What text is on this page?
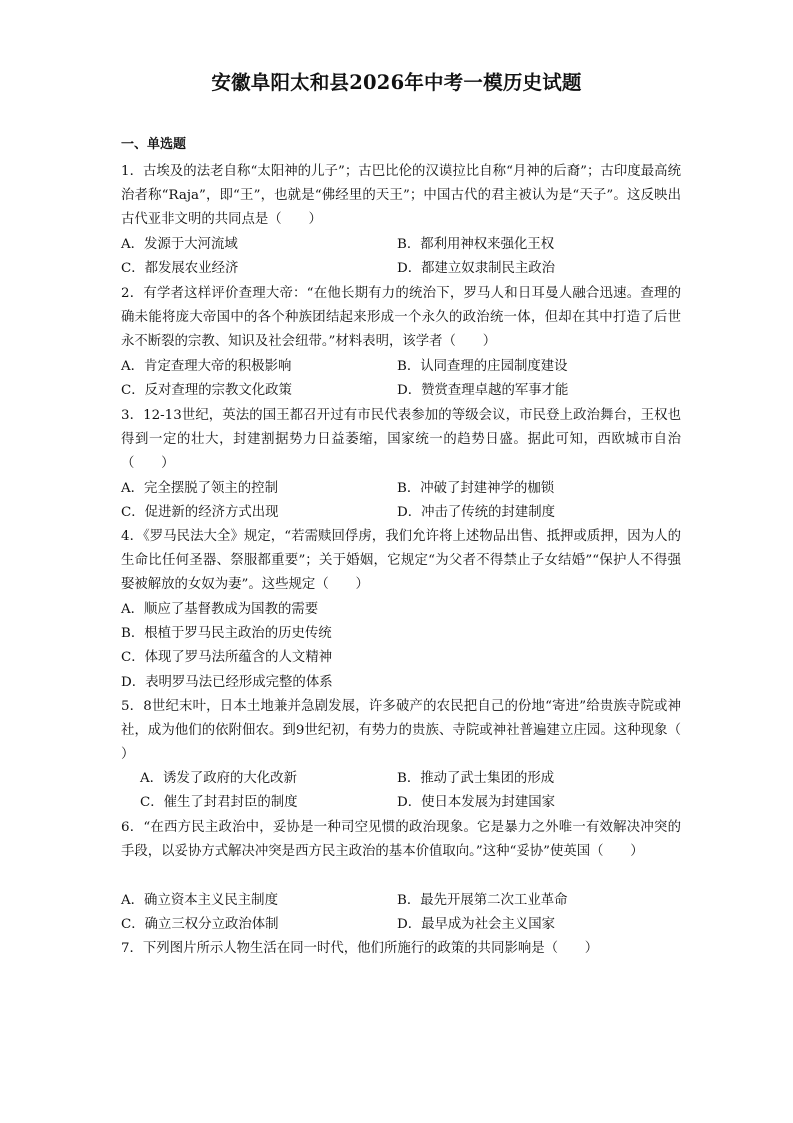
安徽阜阳太和县2026年中考一模历史试题
一、单选题
1．古埃及的法老自称“太阳神的儿子”；古巴比伦的汉谟拉比自称“月神的后裔”；古印度最高统治者称“Raja”，即“王”，也就是“佛经里的天王”；中国古代的君主被认为是“天子”。这反映出古代亚非文明的共同点是（　　）
A．发源于大河流域	B．都利用神权来强化王权
C．都发展农业经济	D．都建立奴隶制民主政治
2．有学者这样评价查理大帝：“在他长期有力的统治下，罗马人和日耳曼人融合迅速。查理的确未能将庞大帝国中的各个种族团结起来形成一个永久的政治统一体，但却在其中打造了后世永不断裂的宗教、知识及社会纽带。”材料表明，该学者（　　）
A．肯定查理大帝的积极影响	B．认同查理的庄园制度建设
C．反对查理的宗教文化政策	D．赞赏查理卓越的军事才能
3．12-13世纪，英法的国王都召开过有市民代表参加的等级会议，市民登上政治舞台，王权也得到一定的壮大，封建割据势力日益萎缩，国家统一的趋势日盛。据此可知，西欧城市自治（　　）
A．完全摆脱了领主的控制	B．冲破了封建神学的枷锁
C．促进新的经济方式出现	D．冲击了传统的封建制度
4．《罗马民法大全》规定，“若需赎回俘虏，我们允许将上述物品出售、抵押或质押，因为人的生命比任何圣器、祭服都重要”；关于婚姻，它规定“为父者不得禁止子女结婚”“保护人不得强娶被解放的女奴为妻”。这些规定（　　）
A．顺应了基督教成为国教的需要
B．根植于罗马民主政治的历史传统
C．体现了罗马法所蕴含的人文精神
D．表明罗马法已经形成完整的体系
5．8世纪末叶，日本土地兼并急剧发展，许多破产的农民把自己的份地“寄进”给贵族寺院或神社，成为他们的依附佃农。到9世纪初，有势力的贵族、寺院或神社普遍建立庄园。这种现象（ ）
A．诱发了政府的大化改新	B．推动了武士集团的形成
C．催生了封君封臣的制度	D．使日本发展为封建国家
6．“在西方民主政治中，妥协是一种司空见惯的政治现象。它是暴力之外唯一有效解决冲突的手段，以妥协方式解决冲突是西方民主政治的基本价值取向。”这种“妥协”使英国（　　）
A．确立资本主义民主制度	B．最先开展第二次工业革命
C．确立三权分立政治体制	D．最早成为社会主义国家
7．下列图片所示人物生活在同一时代，他们所施行的政策的共同影响是（　　）
